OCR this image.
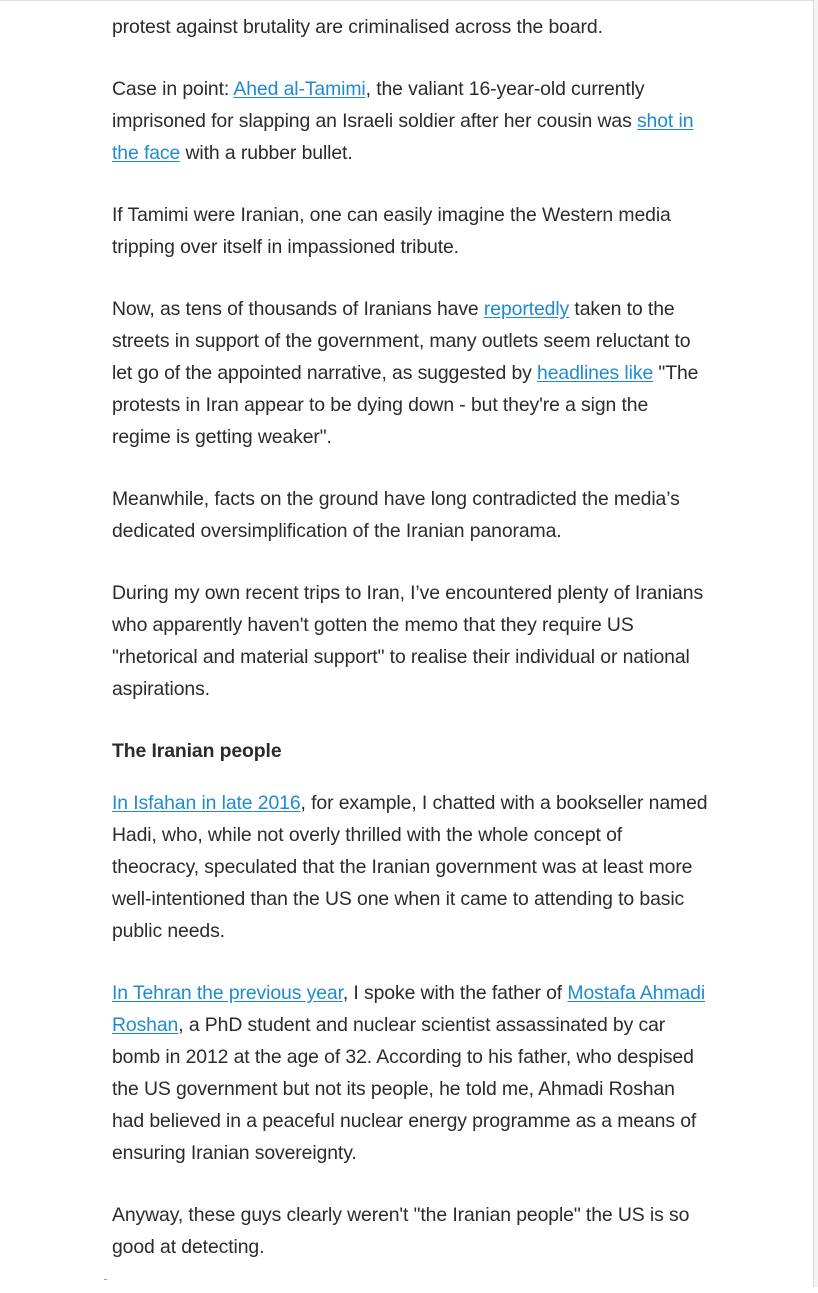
protest against brutality are criminalised across the board.

Case in point: Ahed al-Tamimi, the valiant 16-year-old currently imprisoned for slapping an Israeli soldier after her cousin was shot in the face with a rubber bullet.

If Tamimi were Iranian, one can easily imagine the Western media tripping over itself in impassioned tribute.

Now, as tens of thousands of Iranians have reportedly taken to the streets in support of the government, many outlets seem reluctant to let go of the appointed narrative, as suggested by headlines like "The protests in Iran appear to be dying down - but they're a sign the regime is getting weaker".

Meanwhile, facts on the ground have long contradicted the media’s dedicated oversimplification of the Iranian panorama.

During my own recent trips to Iran, I’ve encountered plenty of Iranians who apparently haven't gotten the memo that they require US "rhetorical and material support" to realise their individual or national aspirations.

The Iranian people

In Isfahan in late 2016, for example, I chatted with a bookseller named Hadi, who, while not overly thrilled with the whole concept of theocracy, speculated that the Iranian government was at least more well-intentioned than the US one when it came to attending to basic public needs.

In Tehran the previous year, I spoke with the father of Mostafa Ahmadi Roshan, a PhD student and nuclear scientist assassinated by car bomb in 2012 at the age of 32. According to his father, who despised the US government but not its people, he told me, Ahmadi Roshan had believed in a peaceful nuclear energy programme as a means of ensuring Iranian sovereignty.

Anyway, these guys clearly weren't "the Iranian people" the US is so good at detecting.
